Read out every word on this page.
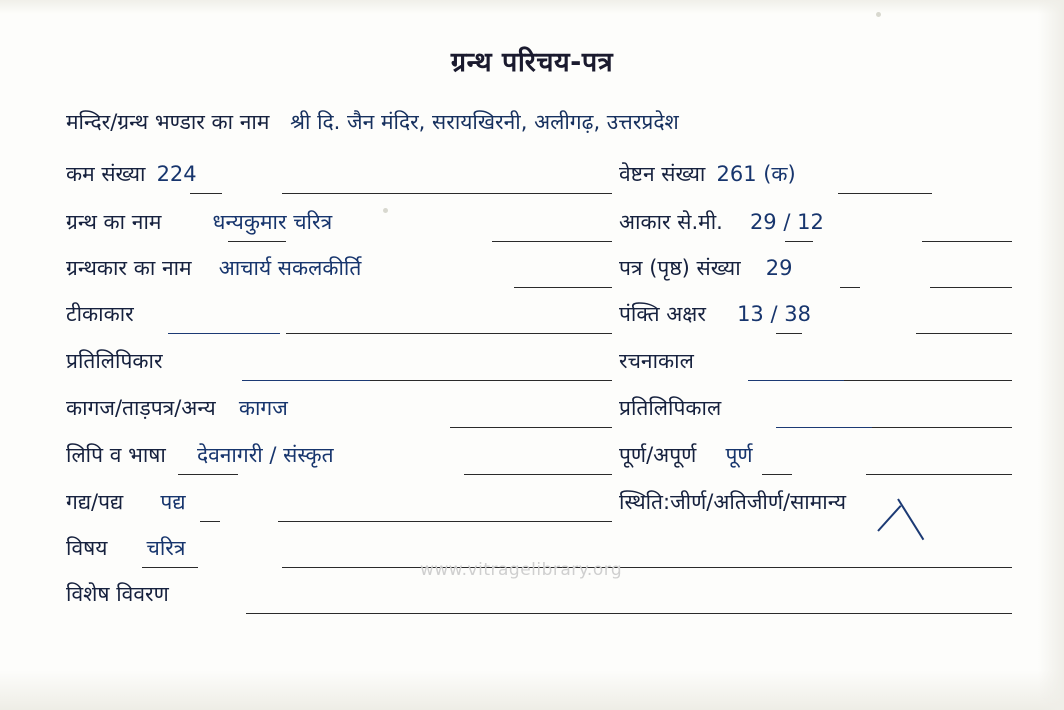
ग्रन्थ परिचय-पत्र
मन्दिर/ग्रन्थ भण्डार का नाम श्री दि. जैन मंदिर, सरायखिरनी, अलीगढ़, उत्तरप्रदेश
कम संख्या 224	वेष्टन संख्या 261 (क)
ग्रन्थ का नाम धन्यकुमार चरित्र	आकार से.मी. 29 / 12
ग्रन्थकार का नाम आचार्य सकलकीर्ति	पत्र (पृष्ठ) संख्या 29
टीकाकार	पंक्ति अक्षर 13 / 38
प्रतिलिपिकार	रचनाकाल
कागज/ताड़पत्र/अन्य कागज	प्रतिलिपिकाल
लिपि व भाषा देवनागरी / संस्कृत	पूर्ण/अपूर्ण पूर्ण
गद्य/पद्य पद्य	स्थिति:जीर्ण/अतिजीर्ण/सामान्य
विषय चरित्र
विशेष विवरण
www.vitragelibrary.org
